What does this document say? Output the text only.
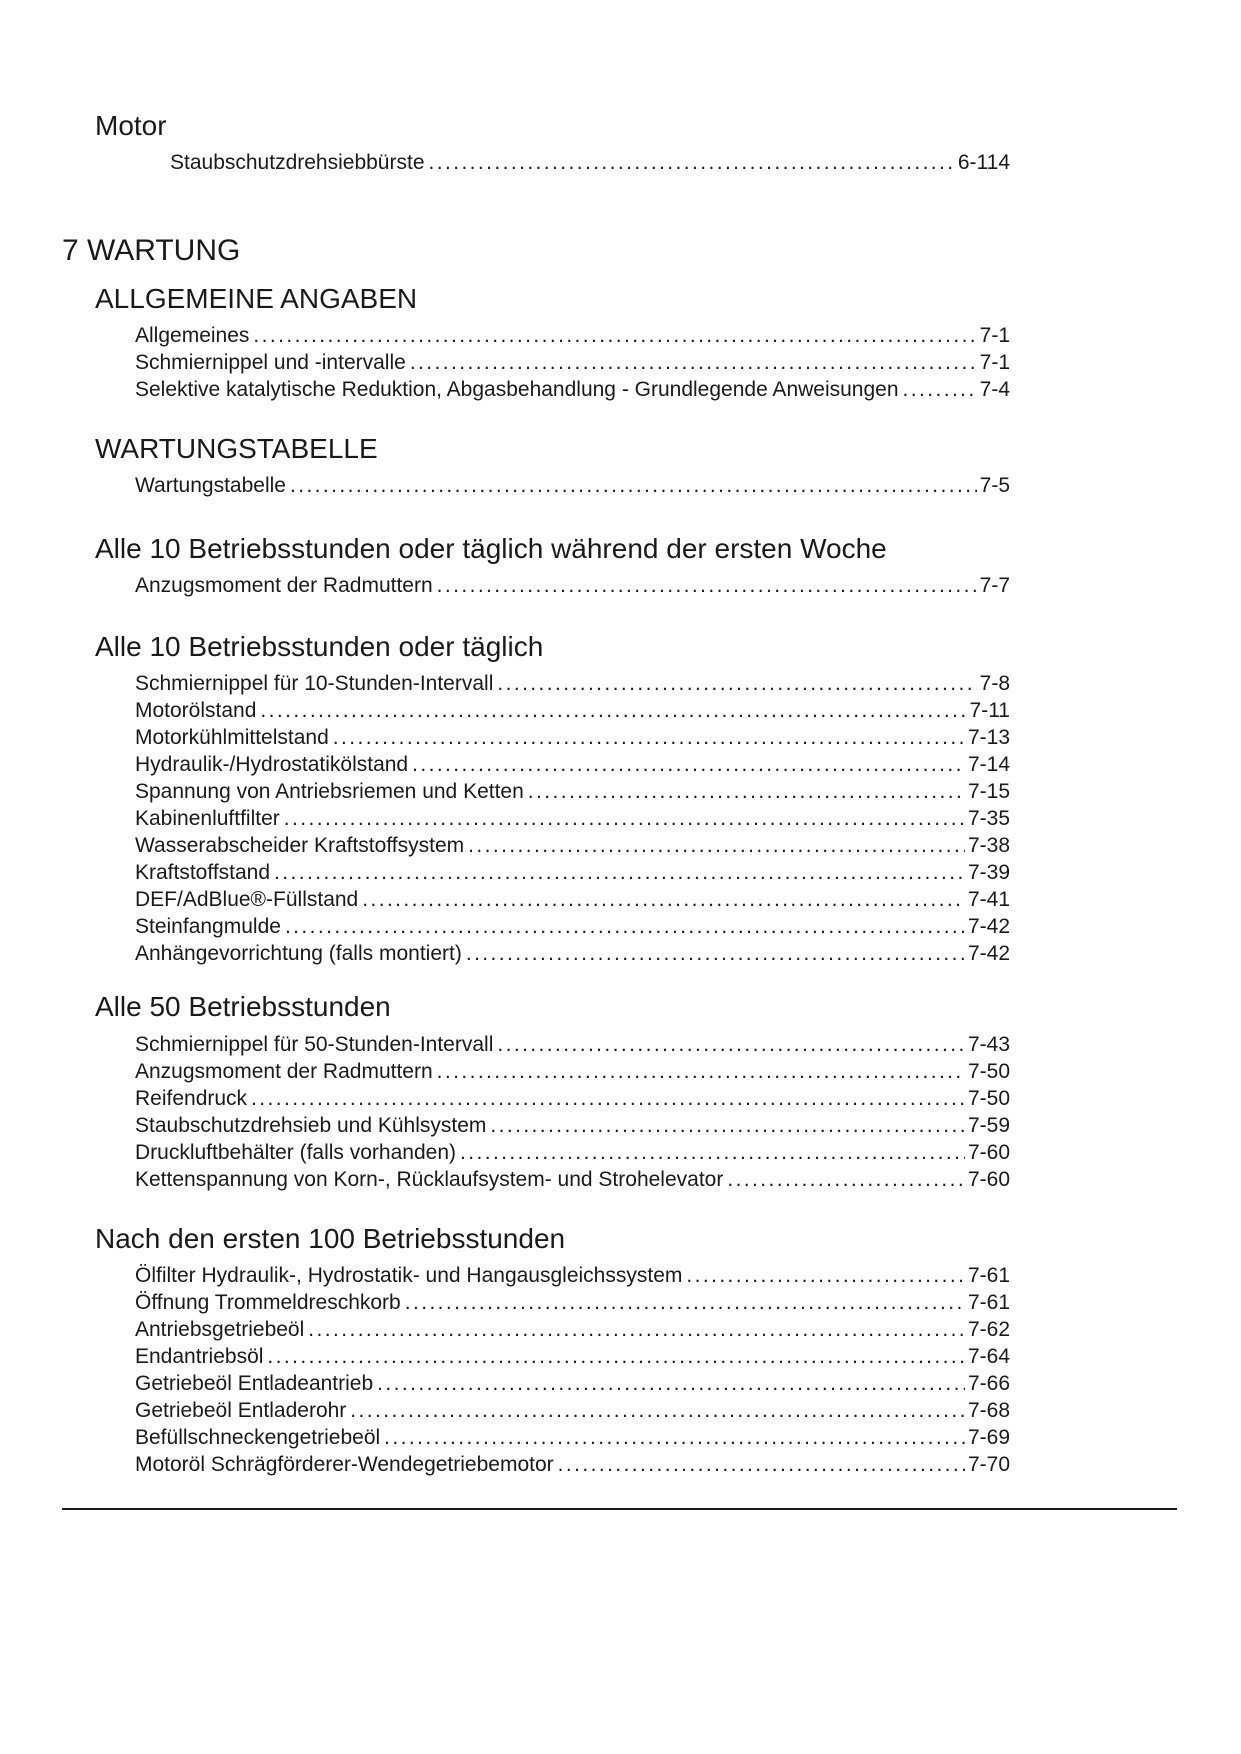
Motor
Staubschutzdrehsiebbürste .....	6-114
7 WARTUNG
ALLGEMEINE ANGABEN
Allgemeines .....	7-1
Schmiernippel und -intervalle .....	7-1
Selektive katalytische Reduktion, Abgasbehandlung - Grundlegende Anweisungen .....	7-4
WARTUNGSTABELLE
Wartungstabelle .....	7-5
Alle 10 Betriebsstunden oder täglich während der ersten Woche
Anzugsmoment der Radmuttern .....	7-7
Alle 10 Betriebsstunden oder täglich
Schmiernippel für 10-Stunden-Intervall .....	7-8
Motorölstand .....	7-11
Motorkühlmittelstand .....	7-13
Hydraulik-/Hydrostatikölstand .....	7-14
Spannung von Antriebsriemen und Ketten .....	7-15
Kabinenluftfilter .....	7-35
Wasserabscheider Kraftstoffsystem .....	7-38
Kraftstoffstand .....	7-39
DEF/AdBlue®-Füllstand .....	7-41
Steinfangmulde .....	7-42
Anhängevorrichtung (falls montiert) .....	7-42
Alle 50 Betriebsstunden
Schmiernippel für 50-Stunden-Intervall .....	7-43
Anzugsmoment der Radmuttern .....	7-50
Reifendruck .....	7-50
Staubschutzdrehsieb und Kühlsystem .....	7-59
Druckluftbehälter (falls vorhanden) .....	7-60
Kettenspannung von Korn-, Rücklaufsystem- und Strohelevator .....	7-60
Nach den ersten 100 Betriebsstunden
Ölfilter Hydraulik-, Hydrostatik- und Hangausgleichssystem .....	7-61
Öffnung Trommeldreschkorb .....	7-61
Antriebsgetriebeöl .....	7-62
Endantriebsöl .....	7-64
Getriebeöl Entladeantrieb .....	7-66
Getriebeöl Entladerohr .....	7-68
Befüllschneckengetriebeöl .....	7-69
Motoröl Schrägförderer-Wendegetriebemotor .....	7-70
